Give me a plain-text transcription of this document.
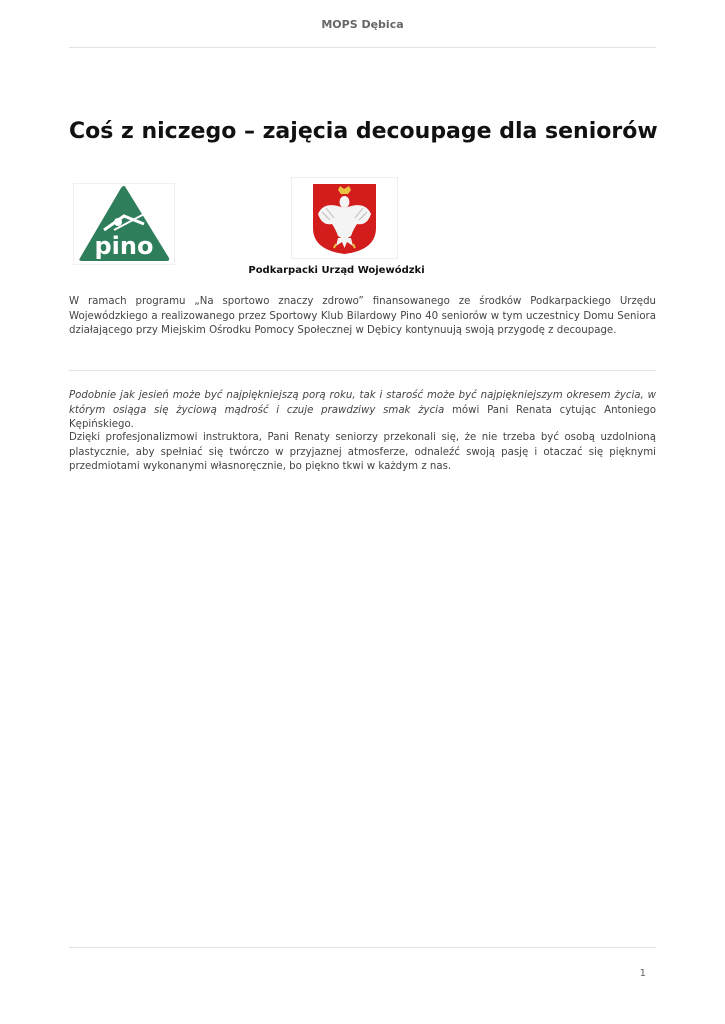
MOPS Dębica
Coś z niczego – zajęcia decoupage dla seniorów
pino
Podkarpacki Urząd Wojewódzki

W ramach programu „Na sportowo znaczy zdrowo” finansowanego ze środków Podkarpackiego Urzędu Wojewódzkiego a realizowanego przez Sportowy Klub Bilardowy Pino 40 seniorów w tym uczestnicy Domu Seniora działającego przy Miejskim Ośrodku Pomocy Społecznej w Dębicy kontynuują swoją przygodę z decoupage.

Podobnie jak jesień może być najpiękniejszą porą roku, tak i starość może być najpiękniejszym okresem życia, w którym osiąga się życiową mądrość i czuje prawdziwy smak życia mówi Pani Renata cytując Antoniego Kępińskiego.

Dzięki profesjonalizmowi instruktora, Pani Renaty seniorzy przekonali się, że nie trzeba być osobą uzdolnioną plastycznie, aby spełniać się twórczo w przyjaznej atmosferze, odnaleźć swoją pasję i otaczać się pięknymi przedmiotami wykonanymi własnoręcznie, bo piękno tkwi w każdym z nas.

1
